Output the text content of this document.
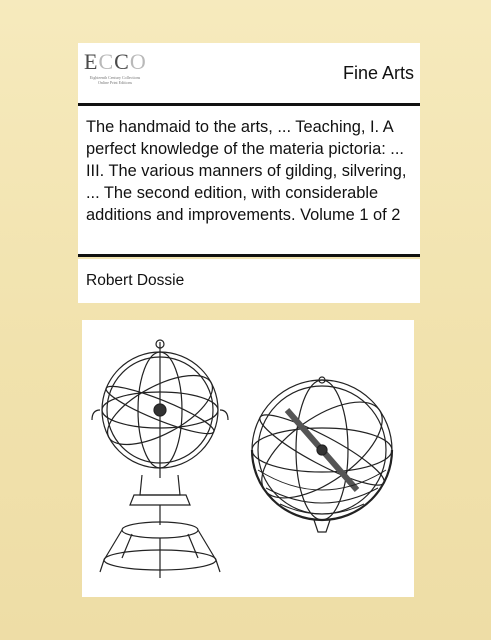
ECCO
Eighteenth Century Collections Online Print Editions	Fine Arts
The handmaid to the arts, ... Teaching, I. A perfect knowledge of the materia pictoria: ... III. The various manners of gilding, silvering, ... The second edition, with considerable additions and improvements. Volume 1 of 2
Robert Dossie
